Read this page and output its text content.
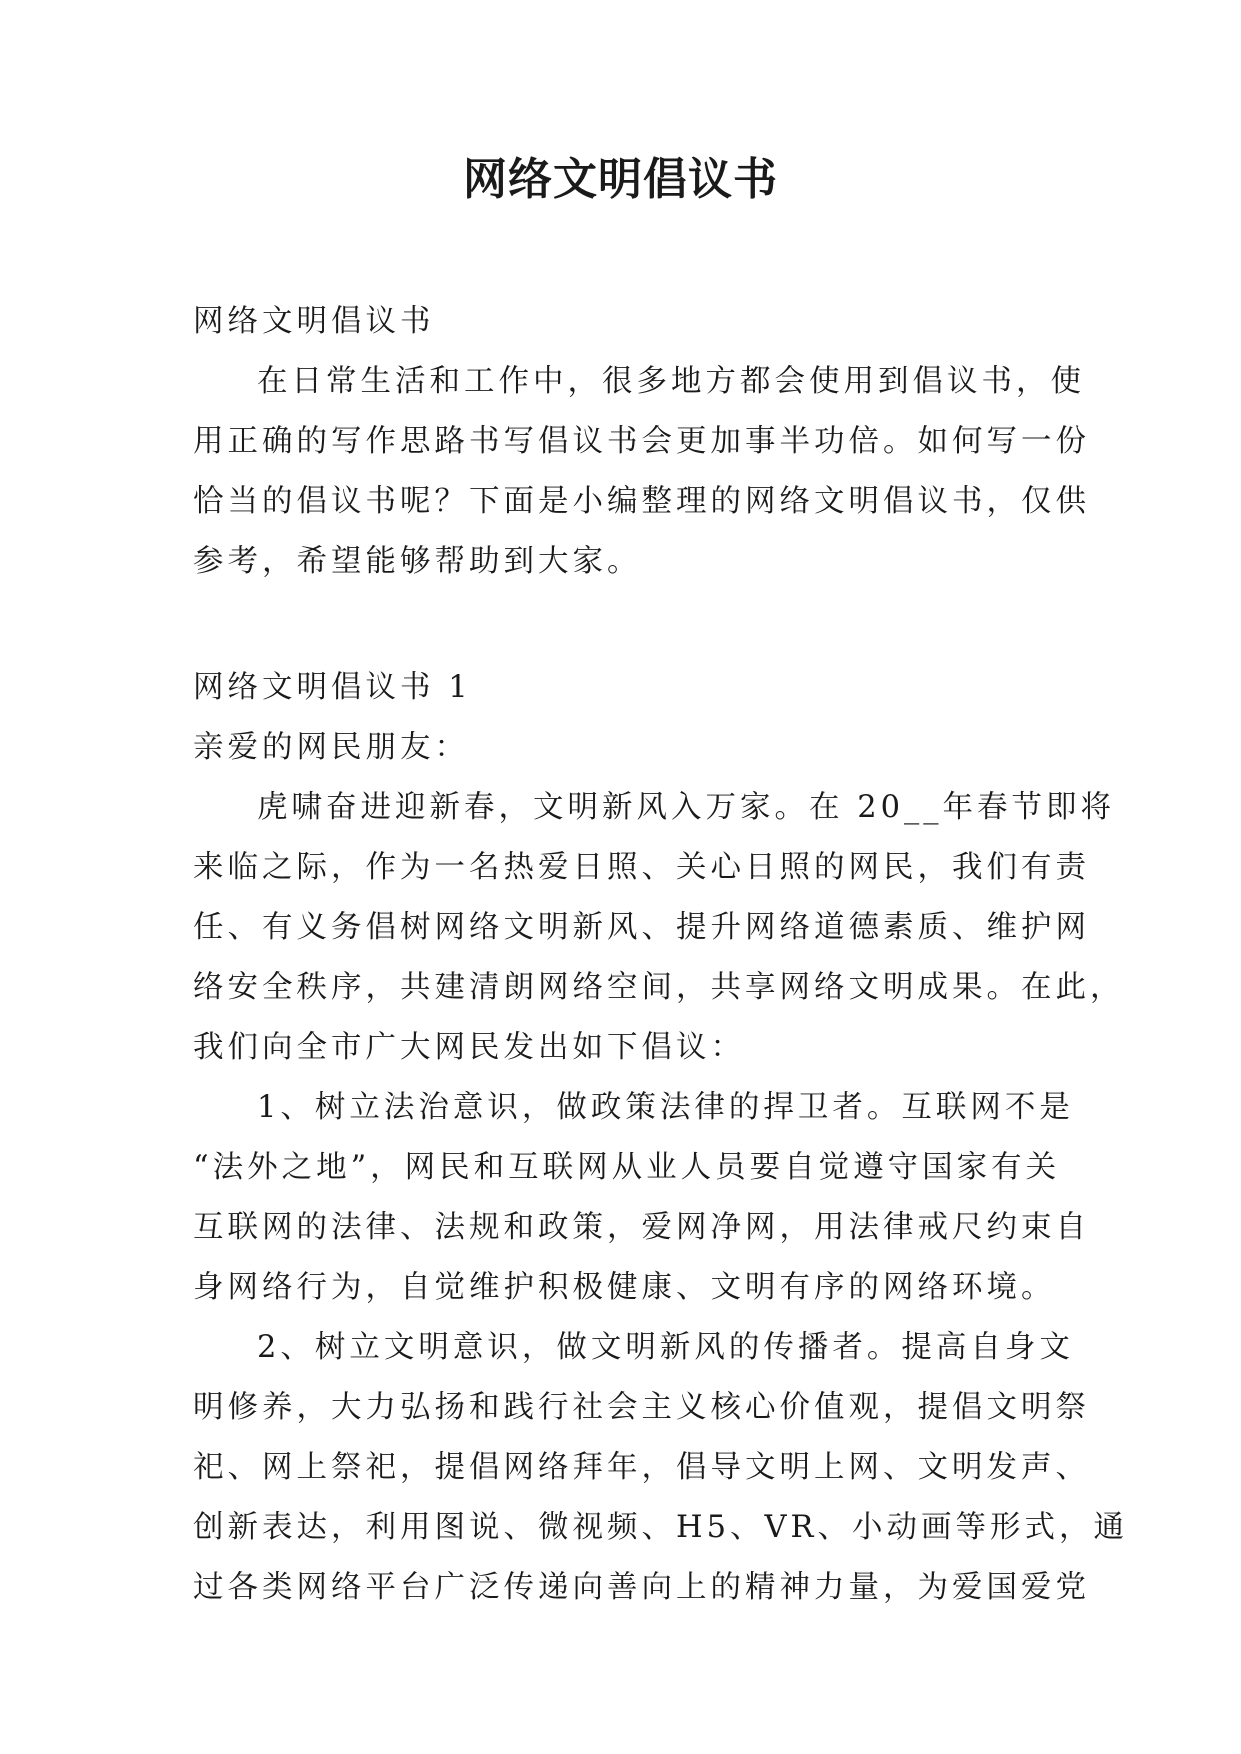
网络文明倡议书

网络文明倡议书

在日常生活和工作中，很多地方都会使用到倡议书，使

用正确的写作思路书写倡议书会更加事半功倍。如何写一份

恰当的倡议书呢？下面是小编整理的网络文明倡议书，仅供

参考，希望能够帮助到大家。

网络文明倡议书 1

亲爱的网民朋友：

虎啸奋进迎新春，文明新风入万家。在 20__年春节即将

来临之际，作为一名热爱日照、关心日照的网民，我们有责

任、有义务倡树网络文明新风、提升网络道德素质、维护网

络安全秩序，共建清朗网络空间，共享网络文明成果。在此，

我们向全市广大网民发出如下倡议：

1、树立法治意识，做政策法律的捍卫者。互联网不是

“法外之地”，网民和互联网从业人员要自觉遵守国家有关

互联网的法律、法规和政策，爱网净网，用法律戒尺约束自

身网络行为，自觉维护积极健康、文明有序的网络环境。

2、树立文明意识，做文明新风的传播者。提高自身文

明修养，大力弘扬和践行社会主义核心价值观，提倡文明祭

祀、网上祭祀，提倡网络拜年，倡导文明上网、文明发声、

创新表达，利用图说、微视频、H5、VR、小动画等形式，通

过各类网络平台广泛传递向善向上的精神力量，为爱国爱党
